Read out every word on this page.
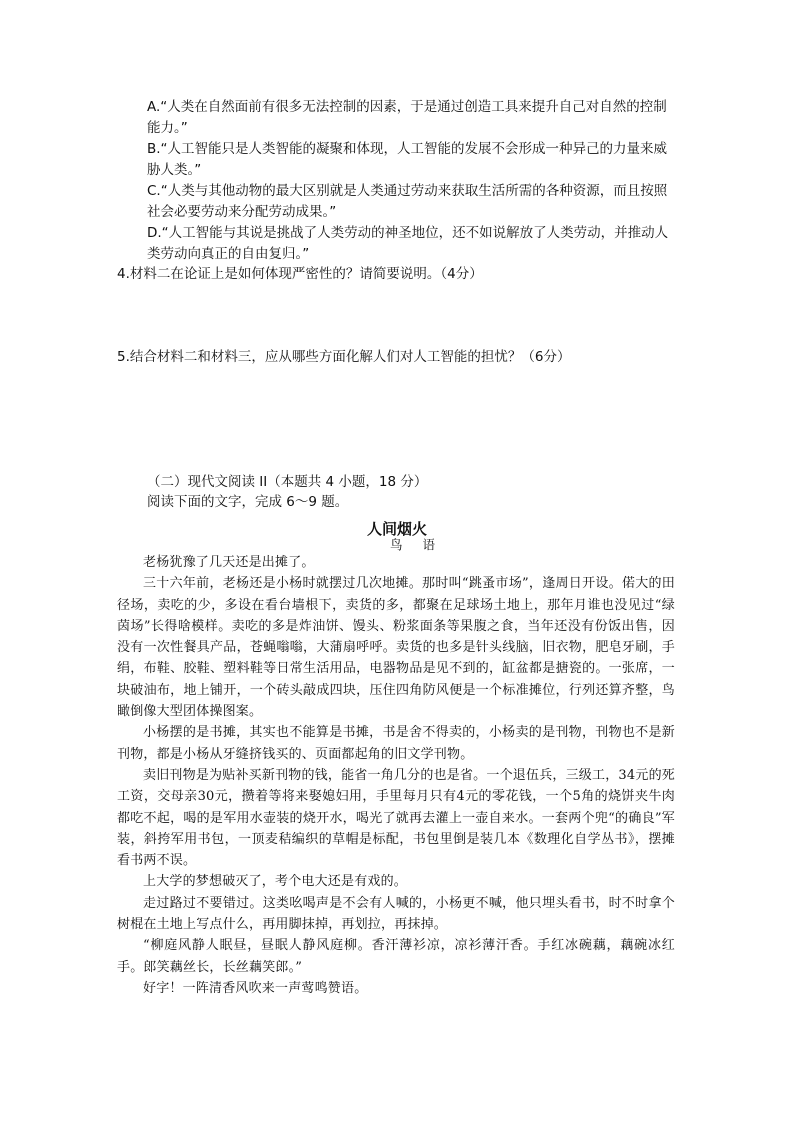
A.“人类在自然面前有很多无法控制的因素，于是通过创造工具来提升自己对自然的控制能力。”

B.“人工智能只是人类智能的凝聚和体现，人工智能的发展不会形成一种异己的力量来威胁人类。”

C.“人类与其他动物的最大区别就是人类通过劳动来获取生活所需的各种资源，而且按照社会必要劳动来分配劳动成果。”

D.“人工智能与其说是挑战了人类劳动的神圣地位，还不如说解放了人类劳动，并推动人类劳动向真正的自由复归。”

4.材料二在论证上是如何体现严密性的？请简要说明。（4分）

5.结合材料二和材料三，应从哪些方面化解人们对人工智能的担忧？（6分）

（二）现代文阅读 II（本题共 4 小题，18 分）

阅读下面的文字，完成 6～9 题。

人间烟火

鸟 语

老杨犹豫了几天还是出摊了。

三十六年前，老杨还是小杨时就摆过几次地摊。那时叫“跳蚤市场”，逢周日开设。偌大的田径场，卖吃的少，多设在看台墙根下，卖货的多，都聚在足球场土地上，那年月谁也没见过“绿茵场”长得啥模样。卖吃的多是炸油饼、馒头、粉浆面条等果腹之食，当年还没有份饭出售，因没有一次性餐具产品，苍蝇嗡嗡，大蒲扇呼呼。卖货的也多是针头线脑，旧衣物，肥皂牙刷，手绢，布鞋、胶鞋、塑料鞋等日常生活用品，电器物品是见不到的，缸盆都是搪瓷的。一张席，一块破油布，地上铺开，一个砖头敲成四块，压住四角防风便是一个标准摊位，行列还算齐整，鸟瞰倒像大型团体操图案。

小杨摆的是书摊，其实也不能算是书摊，书是舍不得卖的，小杨卖的是刊物，刊物也不是新刊物，都是小杨从牙缝挤钱买的、页面都起角的旧文学刊物。

卖旧刊物是为贴补买新刊物的钱，能省一角几分的也是省。一个退伍兵，三级工，34元的死工资，交母亲30元，攒着等将来娶媳妇用，手里每月只有4元的零花钱，一个5角的烧饼夹牛肉都吃不起，喝的是军用水壶装的烧开水，喝光了就再去灌上一壶自来水。一套两个兜“的确良”军装，斜挎军用书包，一顶麦秸编织的草帽是标配，书包里倒是装几本《数理化自学丛书》，摆摊看书两不误。

上大学的梦想破灭了，考个电大还是有戏的。

走过路过不要错过。这类吆喝声是不会有人喊的，小杨更不喊，他只埋头看书，时不时拿个树棍在土地上写点什么，再用脚抹掉，再划拉，再抹掉。

“柳庭风静人眠昼，昼眠人静风庭柳。香汗薄衫凉，凉衫薄汗香。手红冰碗藕，藕碗冰红手。郎笑藕丝长，长丝藕笑郎。”

好字！一阵清香风吹来一声莺鸣赞语。
